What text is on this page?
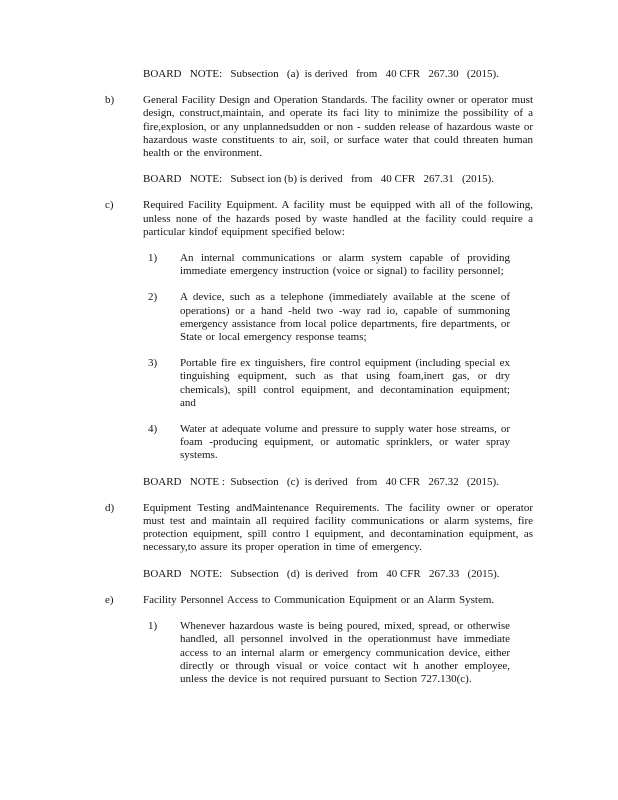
BOARD   NOTE:   Subsection   (a)  is derived   from   40 CFR   267.30   (2015).
b)	General Facility Design and Operation Standards. The facility owner or operator must design, construct,maintain, and operate its faci lity to minimize the possibility of a fire,explosion, or any unplannedsudden or non - sudden release of hazardous waste or hazardous waste constituents to air, soil, or surface water that could threaten human health or the environment.
BOARD   NOTE:   Subsect ion (b) is derived   from   40 CFR   267.31   (2015).
c)	Required Facility Equipment. A facility must be equipped with all of the following, unless none of the hazards posed by waste handled at the facility could require a particular kindof equipment specified below:
1)	An internal communications or alarm system capable of providing immediate emergency instruction (voice or signal) to facility personnel;
2)	A device, such as a telephone (immediately available at the scene of operations) or a hand -held two -way rad io, capable of summoning emergency assistance from local police departments, fire departments, or State or local emergency response teams;
3)	Portable fire ex tinguishers, fire control equipment (including special ex tinguishing equipment, such as that using foam,inert gas, or dry chemicals), spill control equipment, and decontamination equipment; and
4)	Water at adequate volume and pressure to supply water hose streams, or foam -producing equipment, or automatic sprinklers, or water spray systems.
BOARD   NOTE :  Subsection   (c)  is derived   from   40 CFR   267.32   (2015).
d)	Equipment Testing andMaintenance Requirements. The facility owner or operator must test and maintain all required facility communications or alarm systems, fire protection equipment, spill contro l equipment, and decontamination equipment, as necessary,to assure its proper operation in time of emergency.
BOARD   NOTE:   Subsection   (d)  is derived   from   40 CFR   267.33   (2015).
e)	Facility Personnel Access to Communication Equipment or an Alarm System.
1)	Whenever hazardous waste is being poured, mixed, spread, or otherwise handled, all personnel involved in the operationmust have immediate access to an internal alarm or emergency communication device, either directly or through visual or voice contact wit h another employee, unless the device is not required pursuant to Section 727.130(c).
